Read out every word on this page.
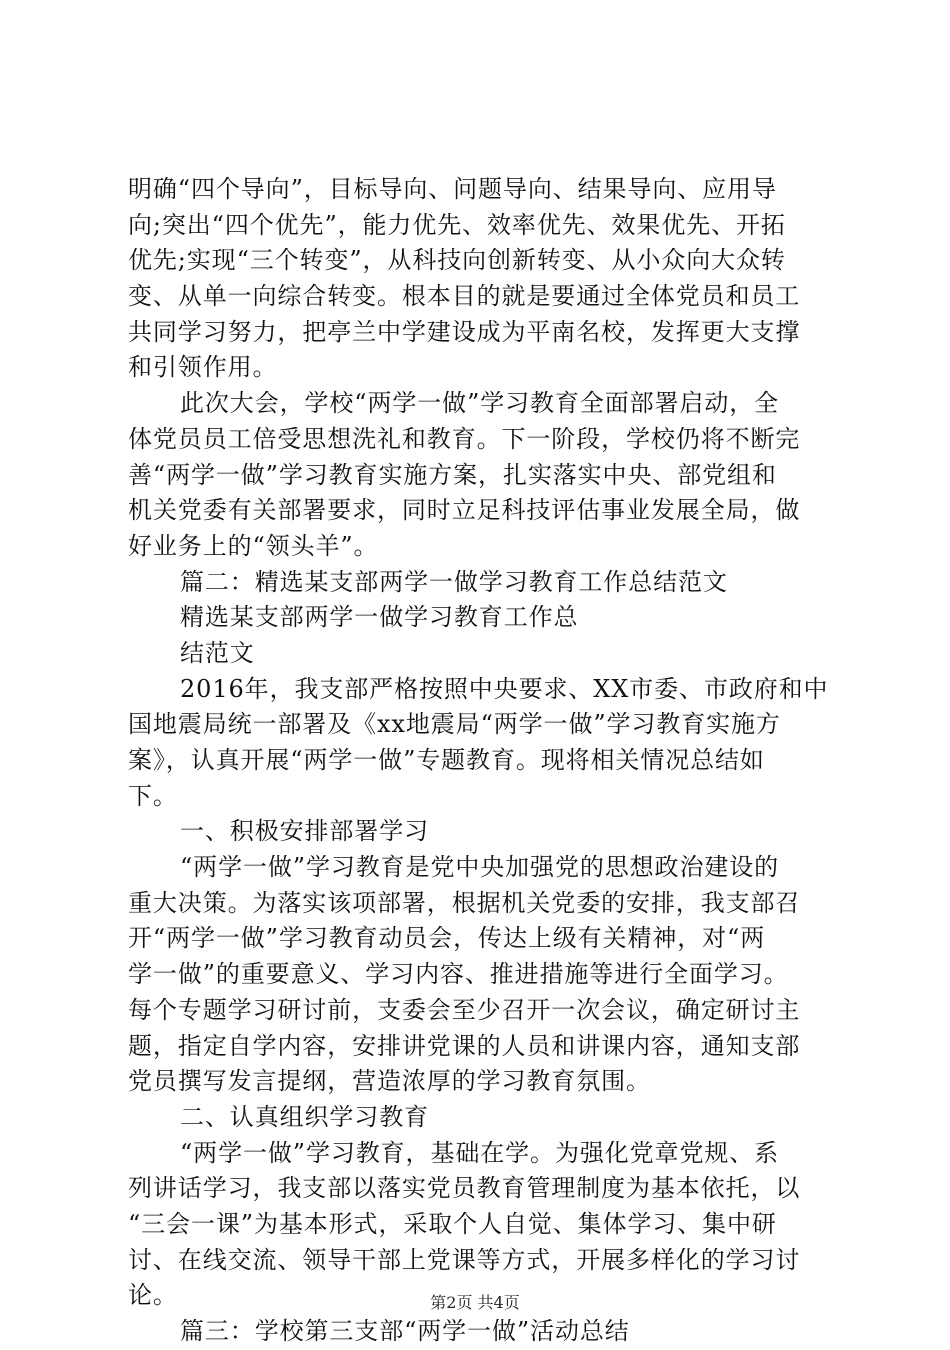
明确“四个导向”，目标导向、问题导向、结果导向、应用导
向;突出“四个优先”，能力优先、效率优先、效果优先、开拓
优先;实现“三个转变”，从科技向创新转变、从小众向大众转
变、从单一向综合转变。根本目的就是要通过全体党员和员工
共同学习努力，把亭兰中学建设成为平南名校，发挥更大支撑
和引领作用。
此次大会，学校“两学一做”学习教育全面部署启动，全
体党员员工倍受思想洗礼和教育。下一阶段，学校仍将不断完
善“两学一做”学习教育实施方案，扎实落实中央、部党组和
机关党委有关部署要求，同时立足科技评估事业发展全局，做
好业务上的“领头羊”。
篇二：精选某支部两学一做学习教育工作总结范文
精选某支部两学一做学习教育工作总
结范文
2016年，我支部严格按照中央要求、XX市委、市政府和中
国地震局统一部署及《xx地震局“两学一做”学习教育实施方
案》，认真开展“两学一做”专题教育。现将相关情况总结如
下。
一、积极安排部署学习
“两学一做”学习教育是党中央加强党的思想政治建设的
重大决策。为落实该项部署，根据机关党委的安排，我支部召
开“两学一做”学习教育动员会，传达上级有关精神，对“两
学一做”的重要意义、学习内容、推进措施等进行全面学习。
每个专题学习研讨前，支委会至少召开一次会议，确定研讨主
题，指定自学内容，安排讲党课的人员和讲课内容，通知支部
党员撰写发言提纲，营造浓厚的学习教育氛围。
二、认真组织学习教育
“两学一做”学习教育，基础在学。为强化党章党规、系
列讲话学习，我支部以落实党员教育管理制度为基本依托，以
“三会一课”为基本形式，采取个人自觉、集体学习、集中研
讨、在线交流、领导干部上党课等方式，开展多样化的学习讨
论。
篇三：学校第三支部“两学一做”活动总结
第2页 共4页
